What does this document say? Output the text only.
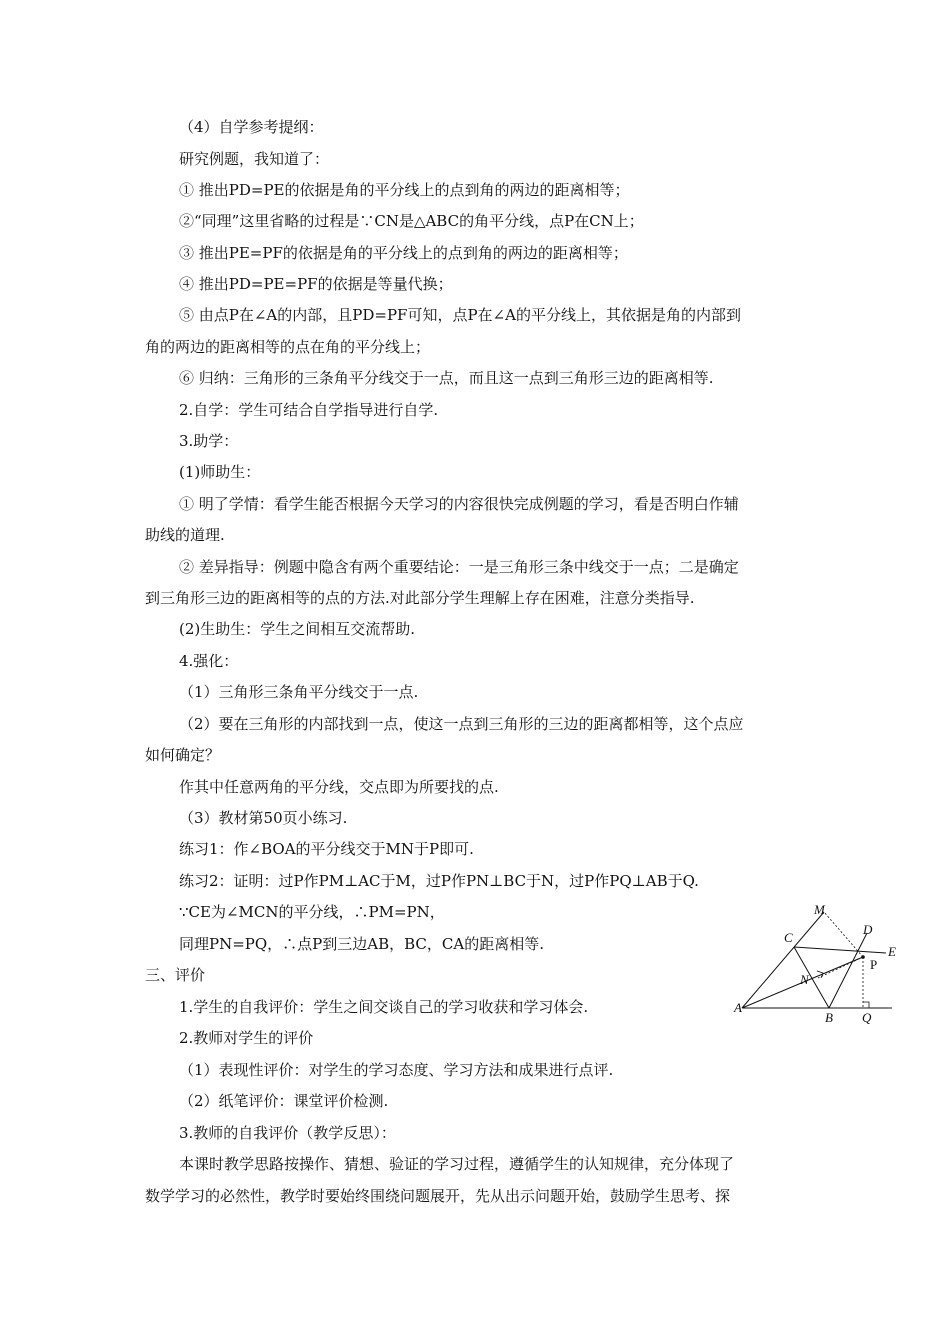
（4）自学参考提纲：
研究例题，我知道了：
① 推出PD=PE的依据是角的平分线上的点到角的两边的距离相等；
②“同理”这里省略的过程是∵CN是△ABC的角平分线，点P在CN上；
③ 推出PE=PF的依据是角的平分线上的点到角的两边的距离相等；
④ 推出PD=PE=PF的依据是等量代换；
⑤ 由点P在∠A的内部，且PD=PF可知，点P在∠A的平分线上，其依据是角的内部到
角的两边的距离相等的点在角的平分线上；
⑥ 归纳：三角形的三条角平分线交于一点，而且这一点到三角形三边的距离相等.
2.自学：学生可结合自学指导进行自学.
3.助学：
(1)师助生：
① 明了学情：看学生能否根据今天学习的内容很快完成例题的学习，看是否明白作辅
助线的道理.
② 差异指导：例题中隐含有两个重要结论：一是三角形三条中线交于一点；二是确定
到三角形三边的距离相等的点的方法.对此部分学生理解上存在困难，注意分类指导.
(2)生助生：学生之间相互交流帮助.
4.强化：
（1）三角形三条角平分线交于一点.
（2）要在三角形的内部找到一点，使这一点到三角形的三边的距离都相等，这个点应
如何确定？
作其中任意两角的平分线，交点即为所要找的点.
（3）教材第50页小练习.
练习1：作∠BOA的平分线交于MN于P即可.
练习2：证明：过P作PM⊥AC于M，过P作PN⊥BC于N，过P作PQ⊥AB于Q.
∵CE为∠MCN的平分线，∴PM=PN，
同理PN=PQ，∴点P到三边AB，BC，CA的距离相等.
三、评价
1.学生的自我评价：学生之间交谈自己的学习收获和学习体会.
2.教师对学生的评价
（1）表现性评价：对学生的学习态度、学习方法和成果进行点评.
（2）纸笔评价：课堂评价检测.
3.教师的自我评价（教学反思）：
本课时教学思路按操作、猜想、验证的学习过程，遵循学生的认知规律，充分体现了
数学学习的必然性，教学时要始终围绕问题展开，先从出示问题开始，鼓励学生思考、探
M
C
D
E
P
N
A
B Q
